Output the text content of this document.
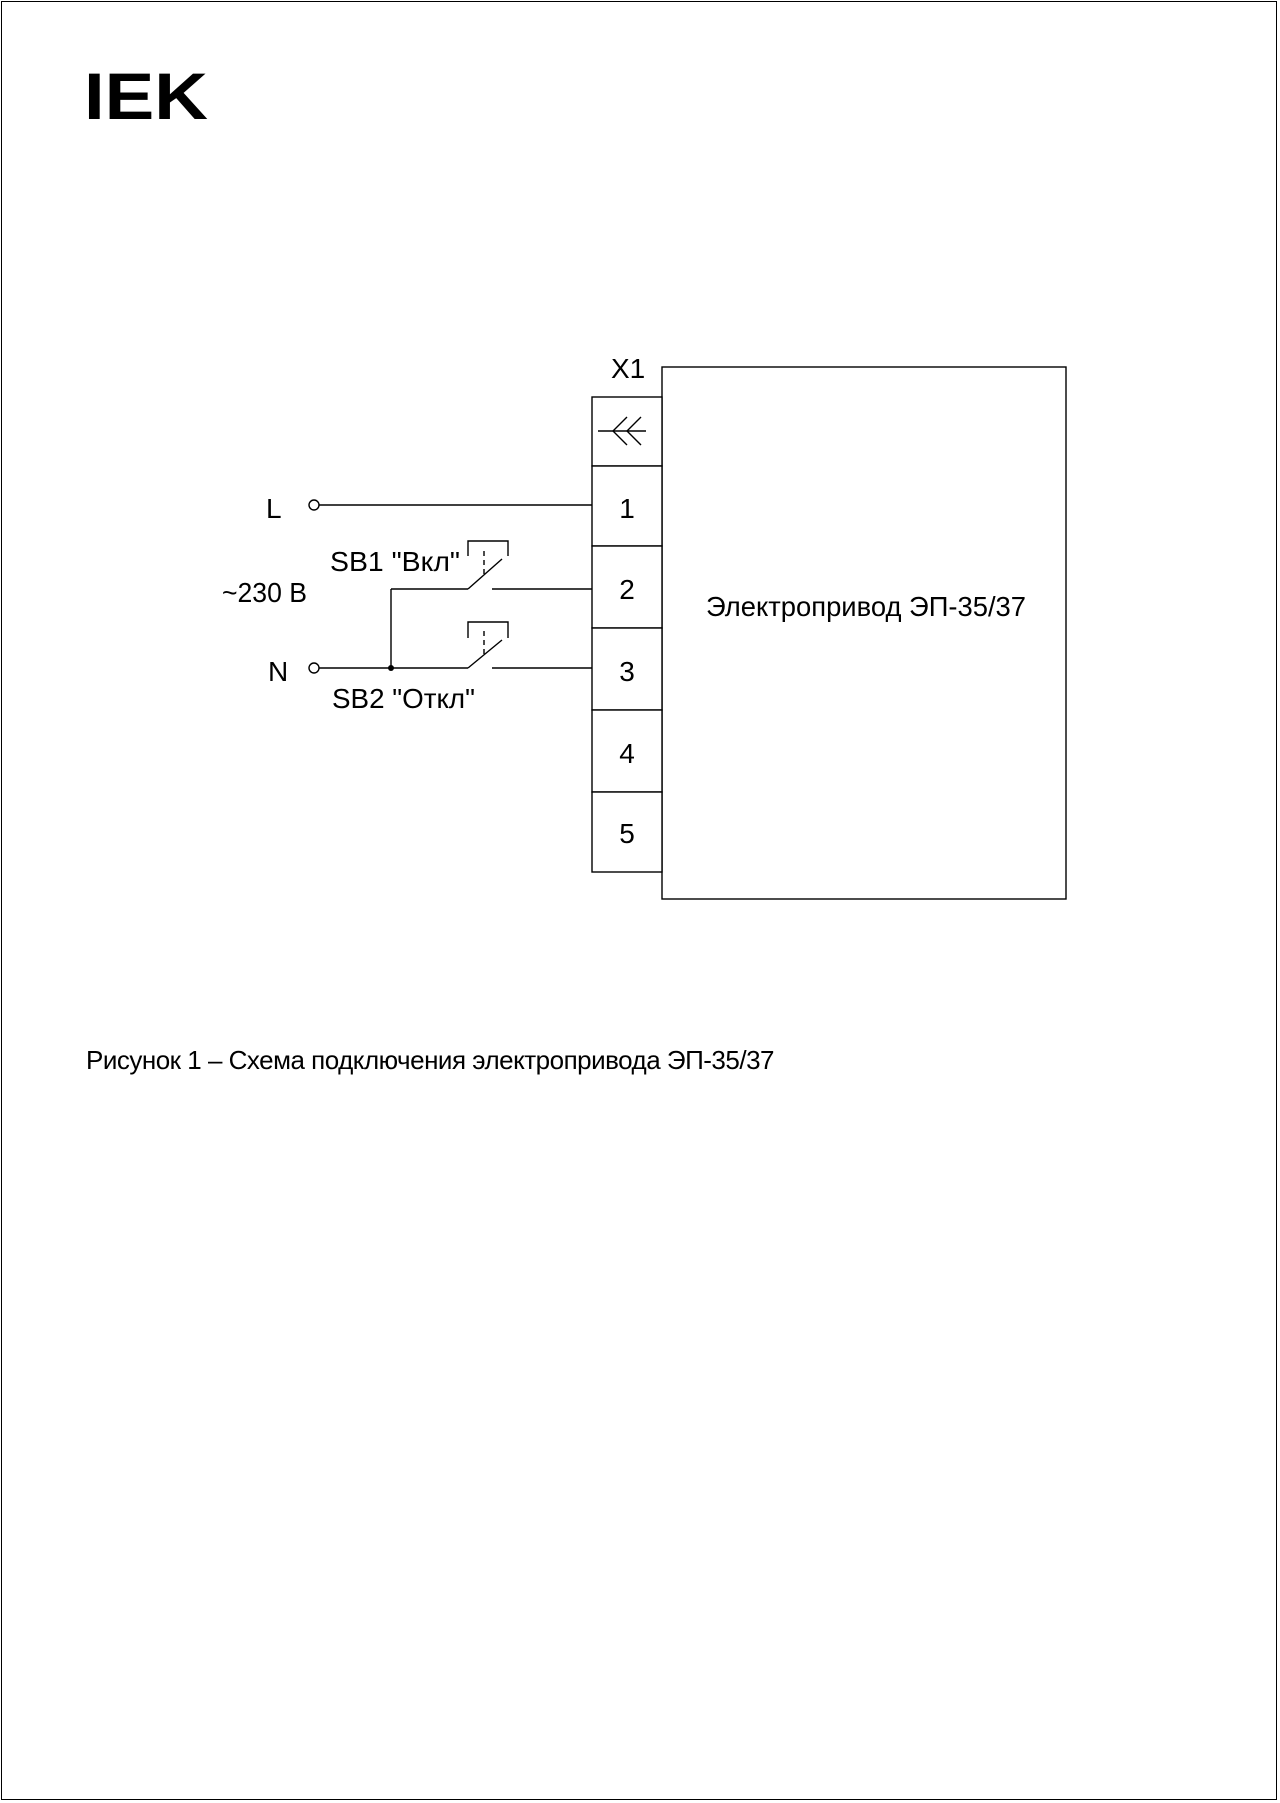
IEK
Электропривод ЭП-35/37
X1
1
2
3
4
5
L
N
~230 В
SB1 "Вкл"
SB2 "Откл"
Рисунок 1 – Схема подключения электропривода ЭП-35/37
